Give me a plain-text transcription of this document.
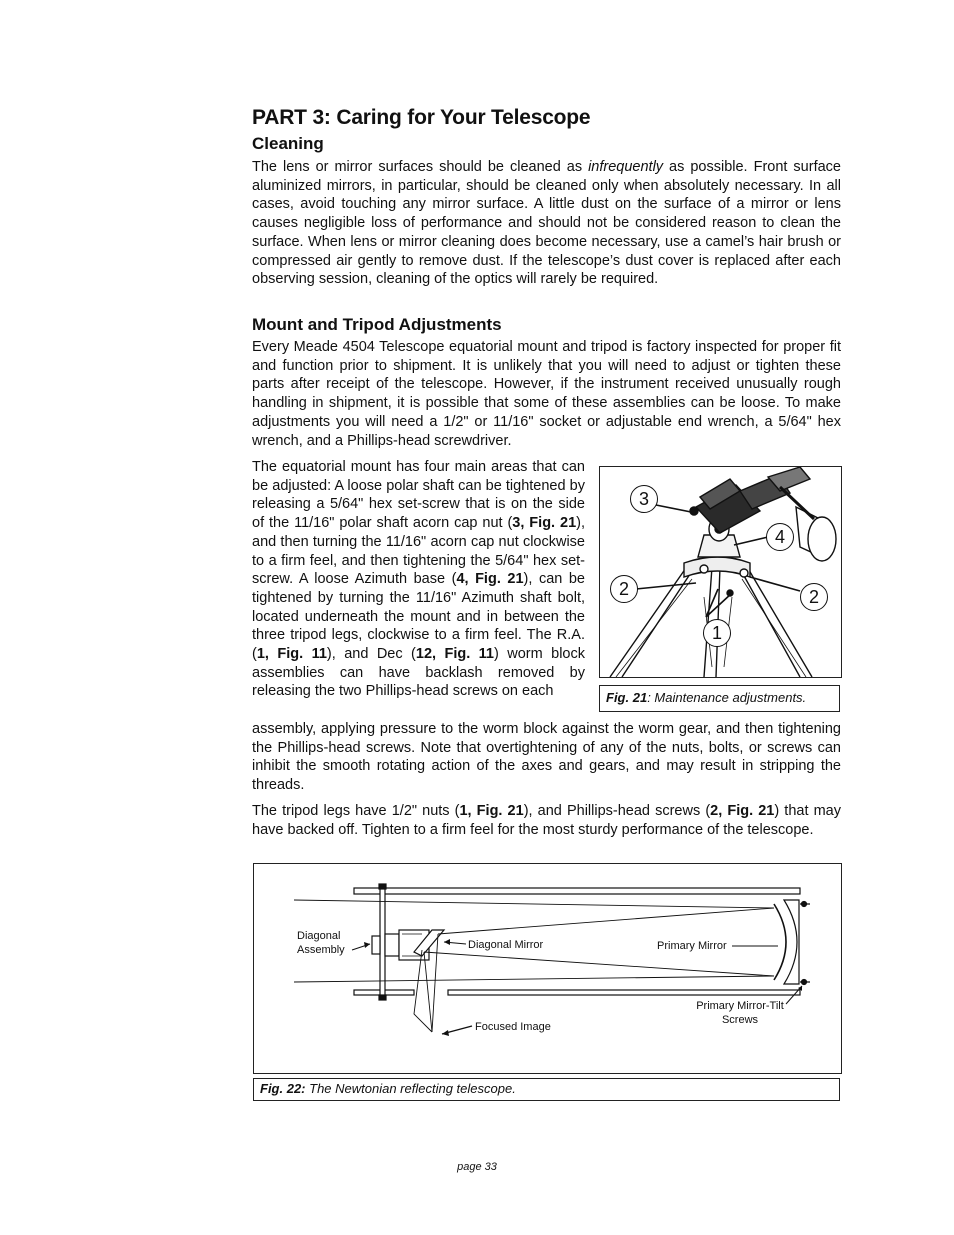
PART 3: Caring for Your Telescope
Cleaning

The lens or mirror surfaces should be cleaned as infrequently as possible. Front surface aluminized mirrors, in particular, should be cleaned only when absolutely necessary. In all cases, avoid touching any mirror surface. A little dust on the surface of a mirror or lens causes negligible loss of performance and should not be considered reason to clean the surface. When lens or mirror cleaning does become necessary, use a camel’s hair brush or compressed air gently to remove dust. If the telescope’s dust cover is replaced after each observing session, cleaning of the optics will rarely be required.

Mount and Tripod Adjustments

Every Meade 4504 Telescope equatorial mount and tripod is factory inspected for proper fit and function prior to shipment. It is unlikely that you will need to adjust or tighten these parts after receipt of the telescope. However, if the instrument received unusually rough handling in shipment, it is possible that some of these assemblies can be loose. To make adjustments you will need a 1/2" or 11/16" socket or adjustable end wrench, a 5/64" hex wrench, and a Phillips-head screwdriver.

The equatorial mount has four main areas that can be adjusted: A loose polar shaft can be tightened by releasing a 5/64" hex set-screw that is on the side of the 11/16" polar shaft acorn cap nut (3, Fig. 21), and then turning the 11/16" acorn cap nut clockwise to a firm feel, and then tightening the 5/64" hex set-screw. A loose Azimuth base (4, Fig. 21), can be tightened by turning the 11/16" Azimuth shaft bolt, located underneath the mount and in between the three tripod legs, clockwise to a firm feel. The R.A. (1, Fig. 11), and Dec (12, Fig. 11) worm block assemblies can have backlash removed by releasing the two Phillips-head screws on each

assembly, applying pressure to the worm block against the worm gear, and then tightening the Phillips-head screws. Note that overtightening of any of the nuts, bolts, or screws can inhibit the smooth rotating action of the axes and gears, and may result in stripping the threads.

The tripod legs have 1/2" nuts (1, Fig. 21), and Phillips-head screws (2, Fig. 21) that may have backed off. Tighten to a firm feel for the most sturdy performance of the telescope.

3
4
2	2
1
Fig. 21: Maintenance adjustments.
Diagonal
Assembly	Diagonal Mirror	Primary Mirror
Primary Mirror-Tilt
Screws
Focused Image
Fig. 22: The Newtonian reflecting telescope.
page 33
